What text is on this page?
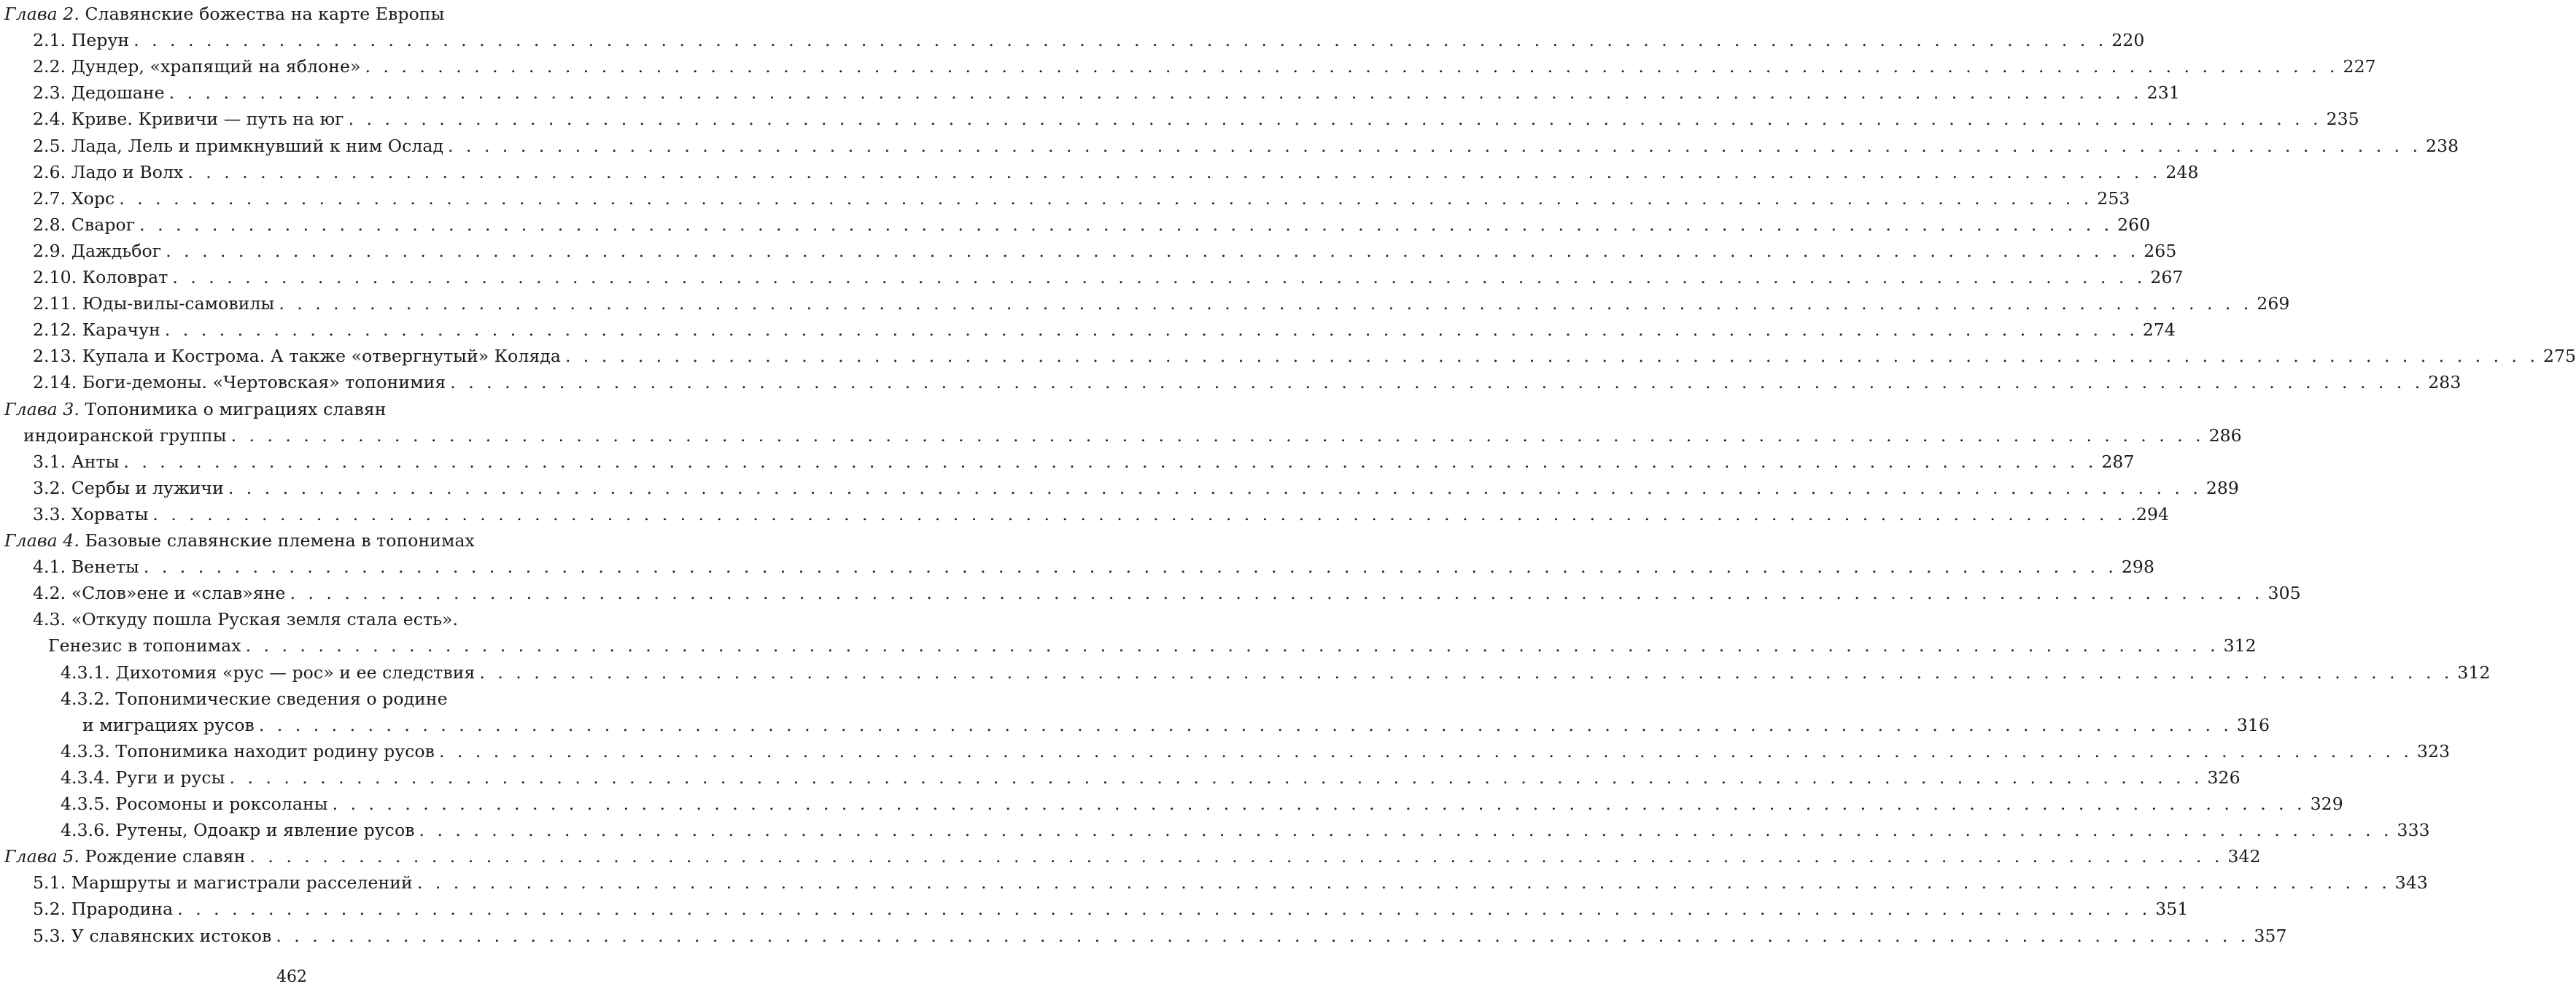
Глава 2. Славянские божества на карте Европы
2.1. Перун . . .	220
2.2. Дундер, «храпящий на яблоне» . . .	227
2.3. Дедошане . . .	231
2.4. Криве. Кривичи — путь на юг . . .	235
2.5. Лада, Лель и примкнувший к ним Ослад . . .	238
2.6. Ладо и Волх . . .	248
2.7. Хорс . . .	253
2.8. Сварог . . .	260
2.9. Даждьбог . . .	265
2.10. Коловрат . . .	267
2.11. Юды-вилы-самовилы . . .	269
2.12. Карачун . . .	274
2.13. Купала и Кострома. А также «отвергнутый» Коляда . . .	275
2.14. Боги-демоны. «Чертовская» топонимия . . .	283
Глава 3. Топонимика о миграциях славян
индоиранской группы . . .	286
3.1. Анты . . .	287
3.2. Сербы и лужичи . . .	289
3.3. Хорваты . . .	.294
Глава 4. Базовые славянские племена в топонимах
4.1. Венеты . . .	298
4.2. «Слов»ене и «слав»яне . . .	305
4.3. «Откуду пошла Руская земля стала есть».
Генезис в топонимах . . .	312
4.3.1. Дихотомия «рус — рос» и ее следствия . . .	312
4.3.2. Топонимические сведения о родине
и миграциях русов . . .	316
4.3.3. Топонимика находит родину русов . . .	323
4.3.4. Руги и русы . . .	326
4.3.5. Росомоны и роксоланы . . .	329
4.3.6. Рутены, Одоакр и явление русов . . .	333
Глава 5. Рождение славян . . .	342
5.1. Маршруты и магистрали расселений . . .	343
5.2. Прародина . . .	351
5.3. У славянских истоков . . .	357
462
